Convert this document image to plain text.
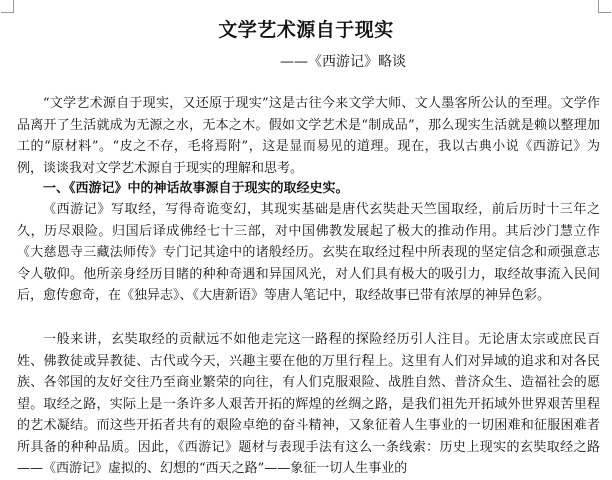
文学艺术源自于现实
——《西游记》略谈

“文学艺术源自于现实，又还原于现实”这是古往今来文学大师、文人墨客所公认的至理。文学作品离开了生活就成为无源之水，无本之木。假如文学艺术是“制成品”，那么现实生活就是赖以整理加工的“原材料”。“皮之不存，毛将焉附”，这是显而易见的道理。现在，我以古典小说《西游记》为例，谈谈我对文学艺术源自于现实的理解和思考。

一、《西游记》中的神话故事源自于现实的取经史实。

《西游记》写取经，写得奇诡变幻，其现实基础是唐代玄奘赴天竺国取经，前后历时十三年之久，历尽艰险。归国后译成佛经七十三部，对中国佛教发展起了极大的推动作用。其后沙门慧立作《大慈恩寺三藏法师传》专门记其途中的诸般经历。玄奘在取经过程中所表现的坚定信念和顽强意志令人敬仰。他所亲身经历目睹的种种奇遇和异国风光，对人们具有极大的吸引力，取经故事流入民间后，愈传愈奇，在《独异志》、《大唐新语》等唐人笔记中，取经故事已带有浓厚的神异色彩。

一般来讲，玄奘取经的贡献远不如他走完这一路程的探险经历引人注目。无论唐太宗或庶民百姓、佛教徒或异教徒、古代或今天，兴趣主要在他的万里行程上。这里有人们对异域的追求和对各民族、各邻国的友好交往乃至商业繁荣的向往，有人们克服艰险、战胜自然、普济众生、造福社会的愿望。取经之路，实际上是一条许多人艰苦开拓的辉煌的丝绸之路，是我们祖先开拓域外世界艰苦里程的艺术凝结。而这些开拓者共有的艰险卓绝的奋斗精神，又象征着人生事业的一切困难和征服困难者所具备的种种品质。因此，《西游记》题材与表现手法有这么一条线索：历史上现实的玄奘取经之路——《西游记》虚拟的、幻想的“西天之路”——象征一切人生事业的
